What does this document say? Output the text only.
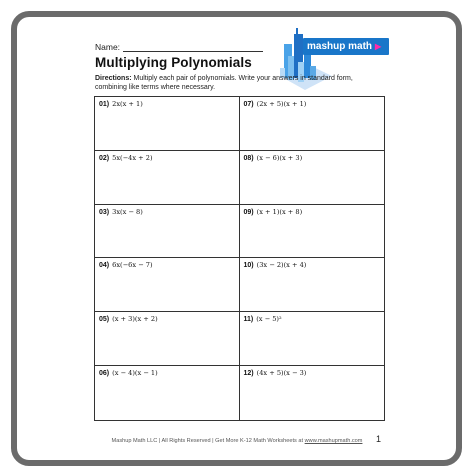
Name:
Multiplying Polynomials
mashup math ▶
Directions: Multiply each pair of polynomials. Write your answers in standard form, combining like terms where necessary.
01) 2x(x + 1)	07) (2x + 5)(x + 1)
02) 5x(−4x + 2)	08) (x − 6)(x + 3)
03) 3x(x − 8)	09) (x + 1)(x + 8)
04) 6x(−6x − 7)	10) (3x − 2)(x + 4)
05) (x + 3)(x + 2)	11) (x − 5)²
06) (x − 4)(x − 1)	12) (4x + 5)(x − 3)
Mashup Math LLC | All Rights Reserved | Get More K-12 Math Worksheets at www.mashupmath.com	1
